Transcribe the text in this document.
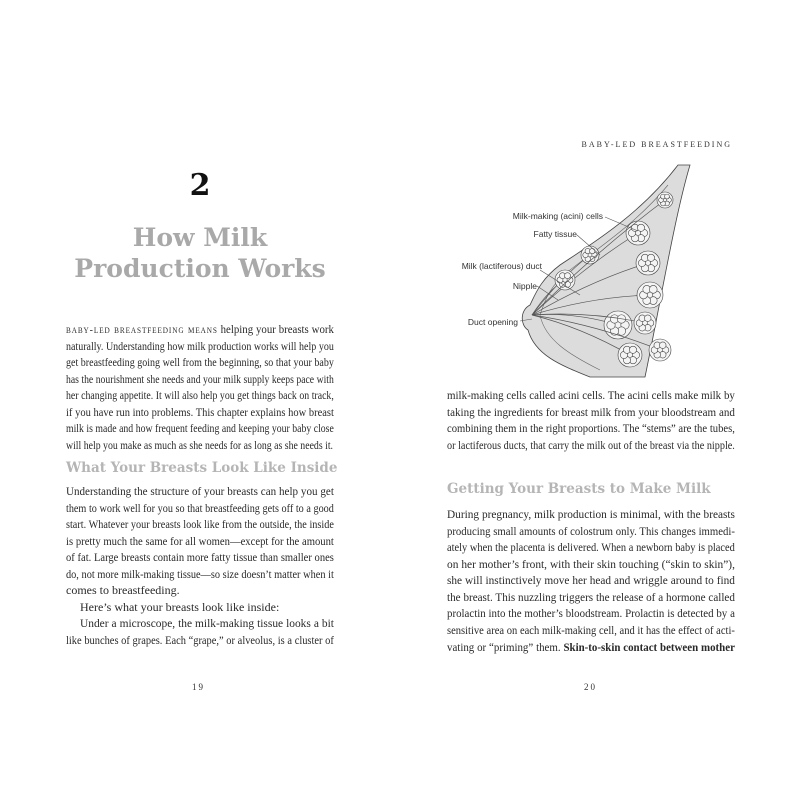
2
How Milk
Production Works
baby-led breastfeeding means helping your breasts work
naturally. Understanding how milk production works will help you
get breastfeeding going well from the beginning, so that your baby
has the nourishment she needs and your milk supply keeps pace with
her changing appetite. It will also help you get things back on track,
if you have run into problems. This chapter explains how breast
milk is made and how frequent feeding and keeping your baby close
will help you make as much as she needs for as long as she needs it.
What Your Breasts Look Like Inside
Understanding the structure of your breasts can help you get
them to work well for you so that breastfeeding gets off to a good
start. Whatever your breasts look like from the outside, the inside
is pretty much the same for all women—except for the amount
of fat. Large breasts contain more fatty tissue than smaller ones
do, not more milk-making tissue—so size doesn’t matter when it
comes to breastfeeding.
Here’s what your breasts look like inside:
Under a microscope, the milk-making tissue looks a bit
like bunches of grapes. Each “grape,” or alveolus, is a cluster of
19
BABY-LED BREASTFEEDING
Milk-making (acini) cells
Fatty tissue
Milk (lactiferous) duct
Nipple
Duct opening
milk-making cells called acini cells. The acini cells make milk by
taking the ingredients for breast milk from your bloodstream and
combining them in the right proportions. The “stems” are the tubes,
or lactiferous ducts, that carry the milk out of the breast via the nipple.
Getting Your Breasts to Make Milk
During pregnancy, milk production is minimal, with the breasts
producing small amounts of colostrum only. This changes immedi-
ately when the placenta is delivered. When a newborn baby is placed
on her mother’s front, with their skin touching (“skin to skin”),
she will instinctively move her head and wriggle around to find
the breast. This nuzzling triggers the release of a hormone called
prolactin into the mother’s bloodstream. Prolactin is detected by a
sensitive area on each milk-making cell, and it has the effect of acti-
vating or “priming” them. Skin-to-skin contact between mother
20
